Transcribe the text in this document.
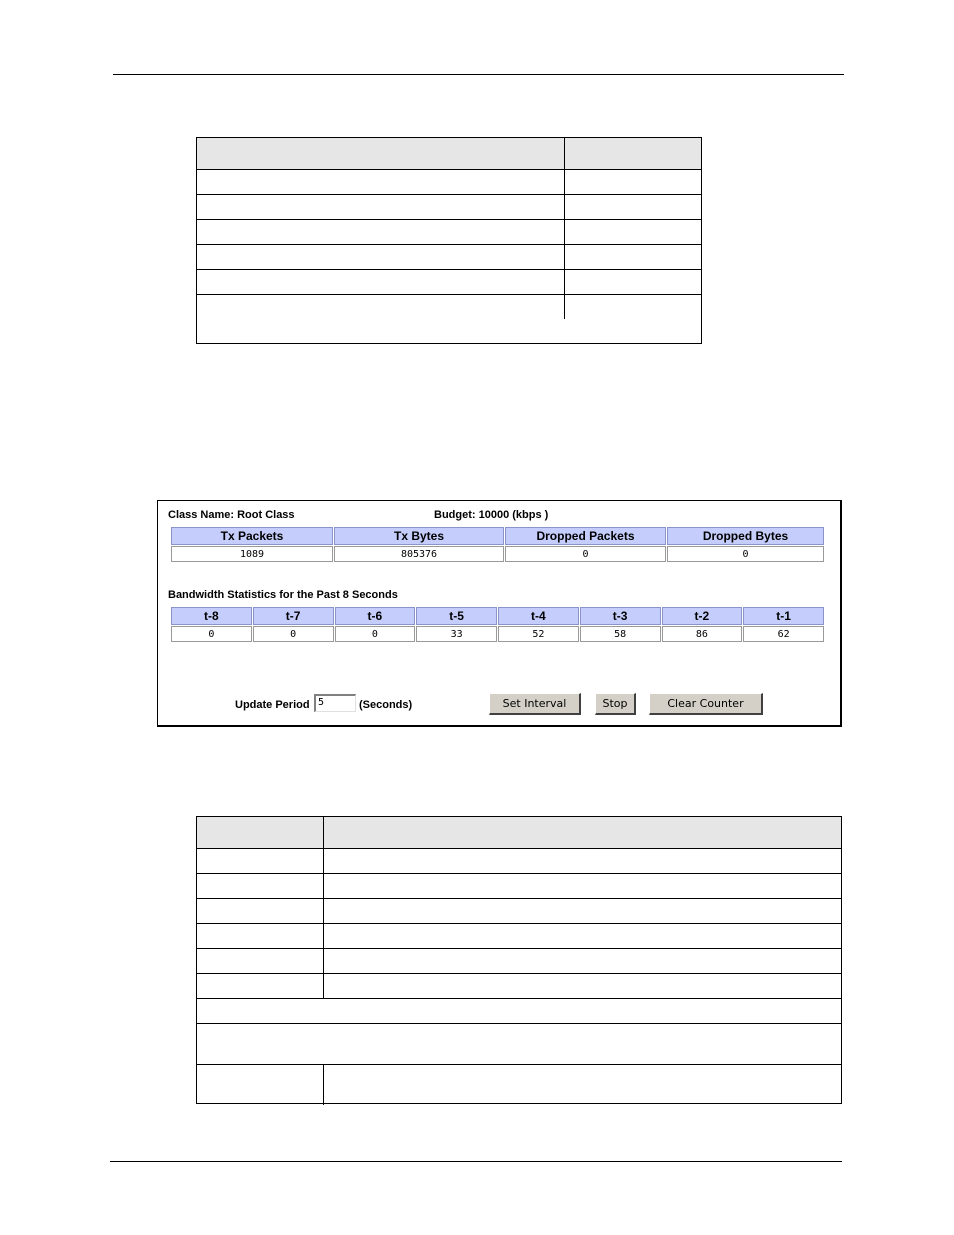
Class Name: Root Class	Budget: 10000 (kbps )
Tx Packets	Tx Bytes	Dropped Packets	Dropped Bytes
1089	805376	0	0
Bandwidth Statistics for the Past 8 Seconds
t-8	t-7	t-6	t-5	t-4	t-3	t-2	t-1
0	0	0	33	52	58	86	62
Update Period 5	(Seconds)	Set Interval	Stop	Clear Counter
